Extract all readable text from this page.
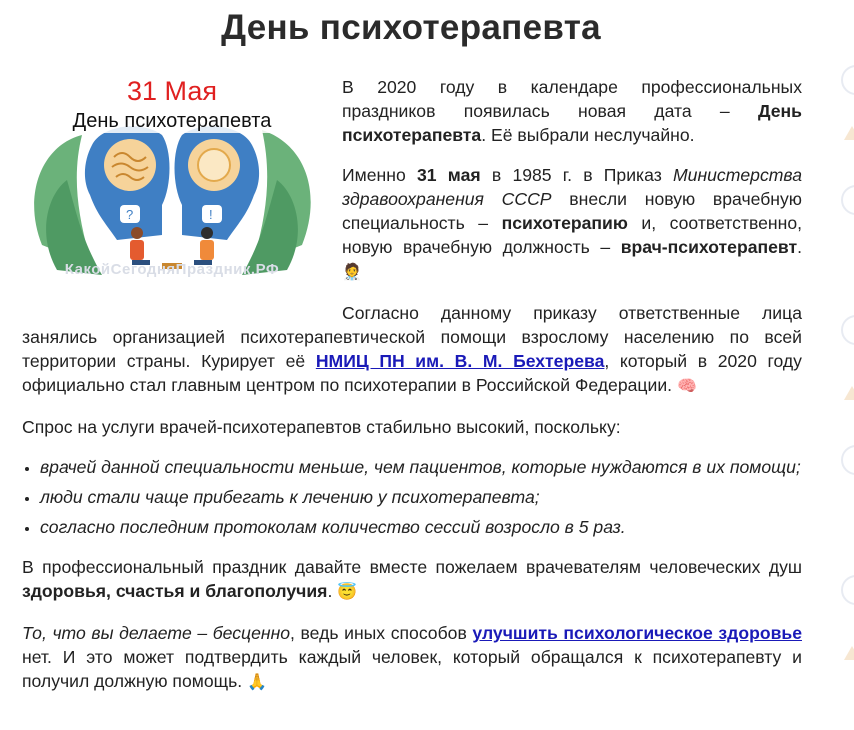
День психотерапевта
?	!
31 Мая
День психотерапевта
КакойСегодняПраздник.РФ

В 2020 году в календаре профессиональных праздников появилась новая дата – День психотерапевта. Её выбрали неслучайно.

Именно 31 мая в 1985 г. в Приказ Министерства здравоохранения СССР внесли новую врачебную специальность – психотерапию и, соответственно, новую врачебную должность – врач-психотерапевт. 🧑‍⚕️

Согласно данному приказу ответственные лица занялись организацией психотерапевтической помощи взрослому населению по всей территории страны. Курирует её НМИЦ ПН им. В. М. Бехтерева, который в 2020 году официально стал главным центром по психотерапии в Российской Федерации. 🧠

Спрос на услуги врачей-психотерапевтов стабильно высокий, поскольку:

• врачей данной специальности меньше, чем пациентов, которые нуждаются в их помощи;
• люди стали чаще прибегать к лечению у психотерапевта;
• согласно последним протоколам количество сессий возросло в 5 раз.

В профессиональный праздник давайте вместе пожелаем врачевателям человеческих душ здоровья, счастья и благополучия. 😇

То, что вы делаете – бесценно, ведь иных способов улучшить психологическое здоровье нет. И это может подтвердить каждый человек, который обращался к психотерапевту и получил должную помощь. 🙏
